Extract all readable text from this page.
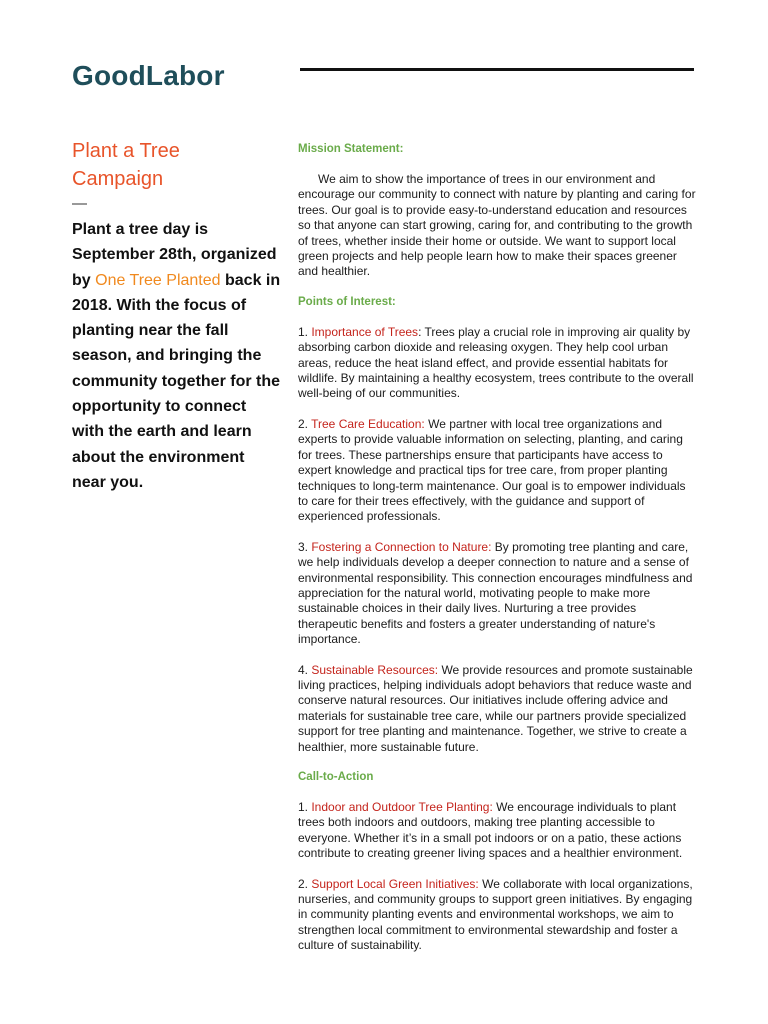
GoodLabor
Plant a Tree
Campaign
—

Plant a tree day is September 28th, organized by One Tree Planted back in 2018. With the focus of planting near the fall season, and bringing the community together for the opportunity to connect with the earth and learn about the environment near you.

Mission Statement:

We aim to show the importance of trees in our environment and encourage our community to connect with nature by planting and caring for trees. Our goal is to provide easy-to-understand education and resources so that anyone can start growing, caring for, and contributing to the growth of trees, whether inside their home or outside. We want to support local green projects and help people learn how to make their spaces greener and healthier.

Points of Interest:

1. Importance of Trees: Trees play a crucial role in improving air quality by absorbing carbon dioxide and releasing oxygen. They help cool urban areas, reduce the heat island effect, and provide essential habitats for wildlife. By maintaining a healthy ecosystem, trees contribute to the overall well-being of our communities.

2. Tree Care Education: We partner with local tree organizations and experts to provide valuable information on selecting, planting, and caring for trees. These partnerships ensure that participants have access to expert knowledge and practical tips for tree care, from proper planting techniques to long-term maintenance. Our goal is to empower individuals to care for their trees effectively, with the guidance and support of experienced professionals.

3. Fostering a Connection to Nature: By promoting tree planting and care, we help individuals develop a deeper connection to nature and a sense of environmental responsibility. This connection encourages mindfulness and appreciation for the natural world, motivating people to make more sustainable choices in their daily lives. Nurturing a tree provides therapeutic benefits and fosters a greater understanding of nature's importance.

4. Sustainable Resources: We provide resources and promote sustainable living practices, helping individuals adopt behaviors that reduce waste and conserve natural resources. Our initiatives include offering advice and materials for sustainable tree care, while our partners provide specialized support for tree planting and maintenance. Together, we strive to create a healthier, more sustainable future.

Call-to-Action

1. Indoor and Outdoor Tree Planting: We encourage individuals to plant trees both indoors and outdoors, making tree planting accessible to everyone. Whether it’s in a small pot indoors or on a patio, these actions contribute to creating greener living spaces and a healthier environment.

2. Support Local Green Initiatives: We collaborate with local organizations, nurseries, and community groups to support green initiatives. By engaging in community planting events and environmental workshops, we aim to strengthen local commitment to environmental stewardship and foster a culture of sustainability.
